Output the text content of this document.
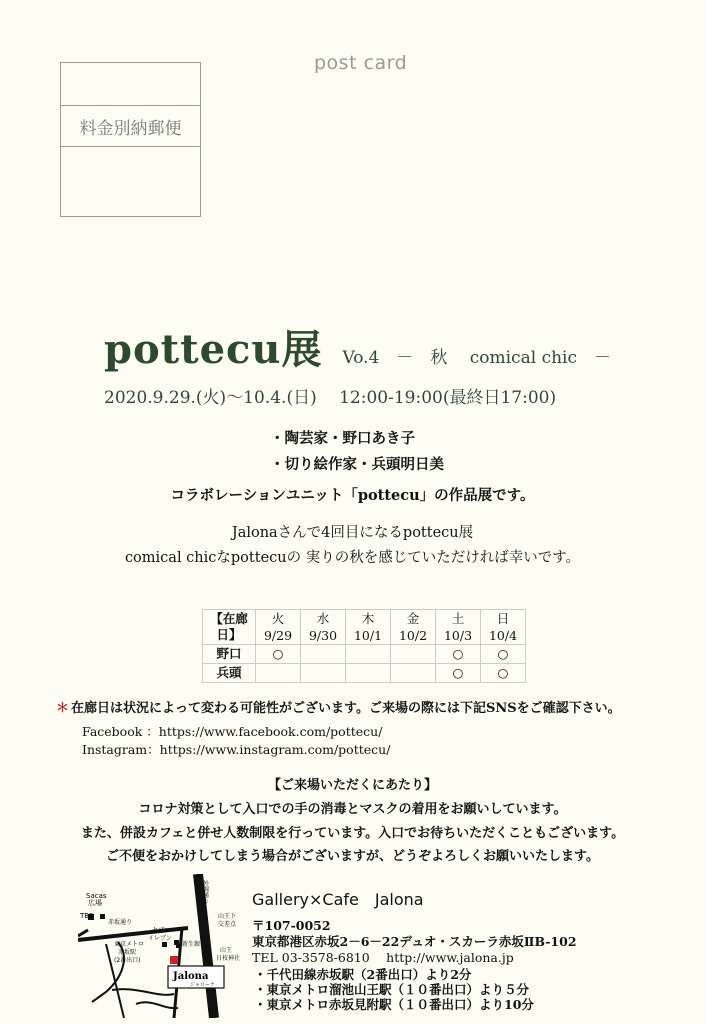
post card
料金別納郵便
pottecu展 Vo.4　－　秋　 comical chic　－
2020.9.29.(火)～10.4.(日)　 12:00-19:00(最終日17:00)
・陶芸家・野口あき子
・切り絵作家・兵頭明日美
コラボレーションユニット「pottecu」の作品展です。
Jalonaさんで4回目になるpottecu展
comical chicなpottecuの 実りの秋を感じていただければ幸いです。
【在廊日】	火	水	木	金	土	日
	9/29	9/30	10/1	10/2	10/3	10/4
野口	○				○	○
兵頭					○	○
＊ 在廊日は状況によって変わる可能性がございます。ご来場の際には下記SNSをご確認下さい。
Facebook ：https://www.facebook.com/pottecu/
Instagram：https://www.instagram.com/pottecu/
【ご来場いただくにあたり】
コロナ対策として入口での手の消毒とマスクの着用をお願いしています。
また、併設カフェと併せ人数制限を行っています。入口でお待ちいただくこともございます。
ご不便をおかけしてしまう場合がございますが、どうぞよろしくお願いいたします。
Sacas
広場
TBS
赤坂通り
外堀通り
東京メトロ
赤坂駅
(2番出口)
セブン
イレブン
新生銀
山王下
交差点
山王
日枝神社
Jalona
ジャローナ
Gallery×Cafe　Jalona
〒107-0052
東京都港区赤坂2－6－22デュオ・スカーラ赤坂ⅡB-102
TEL 03-3578-6810　 http://www.jalona.jp
・千代田線赤坂駅（2番出口）より2分
・東京メトロ溜池山王駅（１０番出口）より５分
・東京メトロ赤坂見附駅（１０番出口）より10分
